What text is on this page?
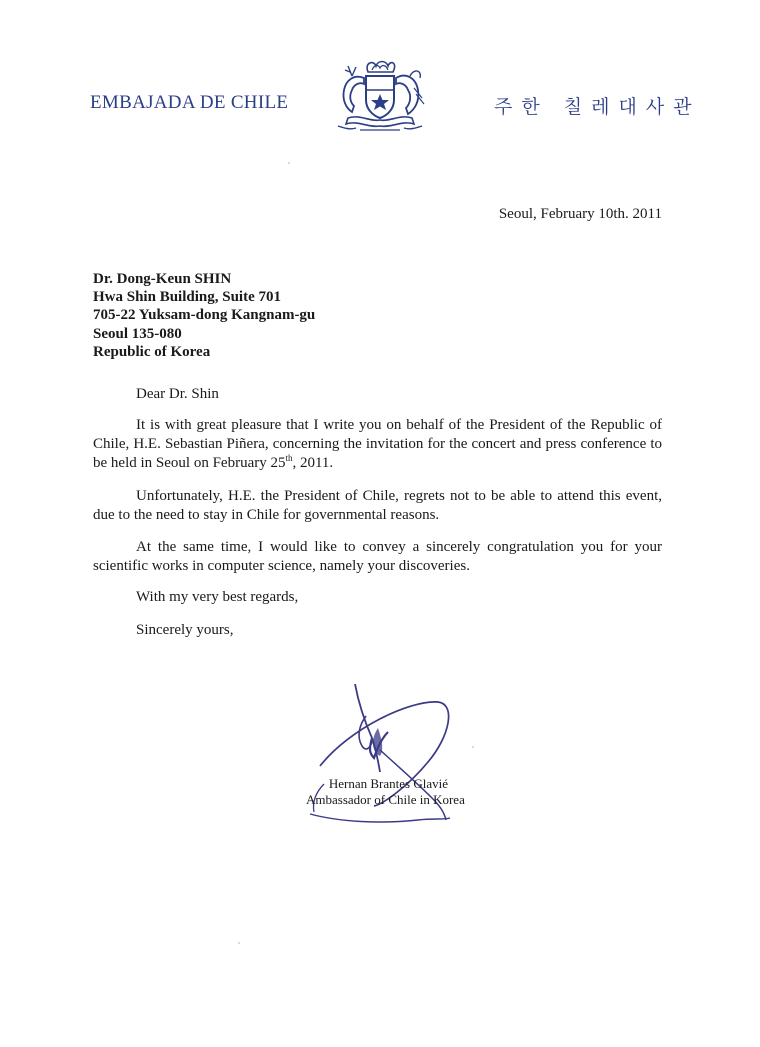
EMBAJADA DE CHILE	주한 칠레대사관
Seoul, February 10th. 2011
Dr. Dong-Keun SHIN
Hwa Shin Building, Suite 701
705-22 Yuksam-dong Kangnam-gu
Seoul 135-080
Republic of Korea
Dear Dr. Shin
It is with great pleasure that I write you on behalf of the President of the Republic of Chile, H.E. Sebastian Piñera, concerning the invitation for the concert and press conference to be held in Seoul on February 25th, 2011.
Unfortunately, H.E. the President of Chile, regrets not to be able to attend this event, due to the need to stay in Chile for governmental reasons.
At the same time, I would like to convey a sincerely congratulation you for your scientific works in computer science, namely your discoveries.
With my very best regards,
Sincerely yours,
Hernan Brantes Glavié
Ambassador of Chile in Korea
